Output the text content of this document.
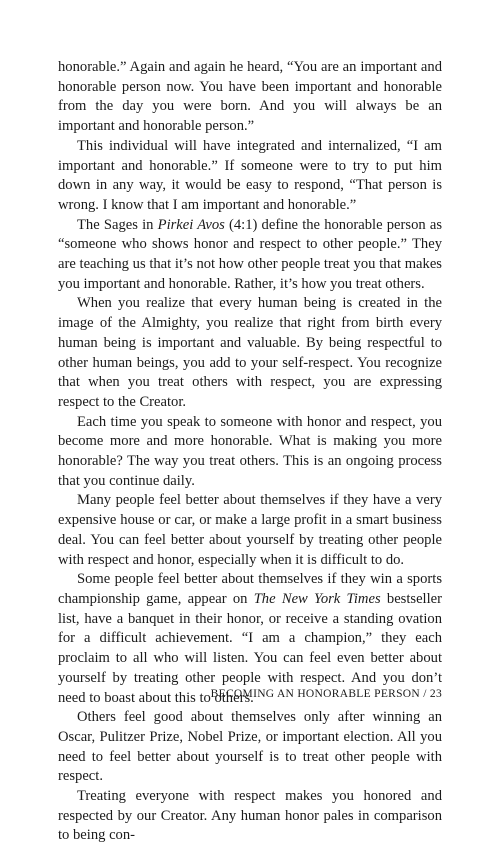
honorable.” Again and again he heard, “You are an important and honorable person now. You have been important and honorable from the day you were born. And you will always be an important and honorable person.”

This individual will have integrated and internalized, “I am important and honorable.” If someone were to try to put him down in any way, it would be easy to respond, “That person is wrong. I know that I am important and honorable.”

The Sages in Pirkei Avos (4:1) define the honorable person as “someone who shows honor and respect to other people.” They are teaching us that it’s not how other people treat you that makes you important and honorable. Rather, it’s how you treat others.

When you realize that every human being is created in the image of the Almighty, you realize that right from birth every human being is important and valuable. By being respectful to other human beings, you add to your self-respect. You recognize that when you treat others with respect, you are expressing respect to the Creator.

Each time you speak to someone with honor and respect, you become more and more honorable. What is making you more honorable? The way you treat others. This is an ongoing process that you continue daily.

Many people feel better about themselves if they have a very expensive house or car, or make a large profit in a smart business deal. You can feel better about yourself by treating other people with respect and honor, especially when it is difficult to do.

Some people feel better about themselves if they win a sports championship game, appear on The New York Times bestseller list, have a banquet in their honor, or receive a standing ovation for a difficult achievement. “I am a champion,” they each proclaim to all who will listen. You can feel even better about yourself by treating other people with respect. And you don’t need to boast about this to others.

Others feel good about themselves only after winning an Oscar, Pulitzer Prize, Nobel Prize, or important election. All you need to feel better about yourself is to treat other people with respect.

Treating everyone with respect makes you honored and respected by our Creator. Any human honor pales in comparison to being con-

BECOMING AN HONORABLE PERSON / 23
